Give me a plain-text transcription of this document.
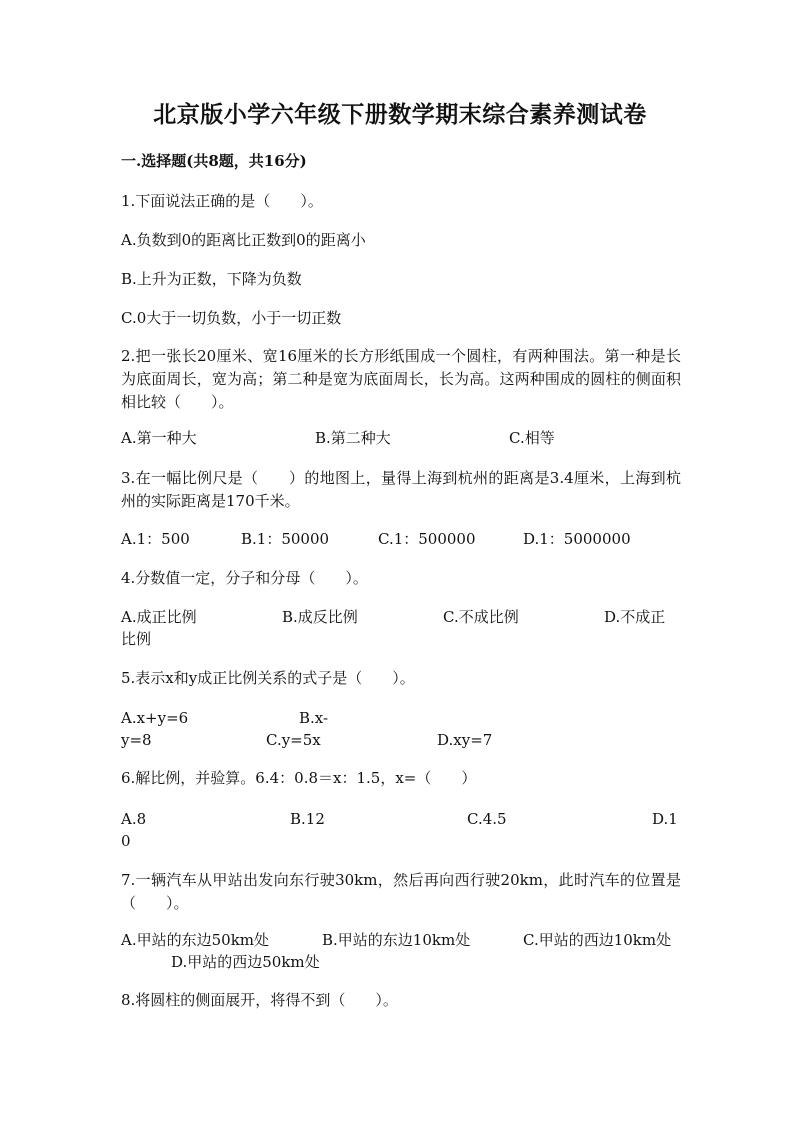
北京版小学六年级下册数学期末综合素养测试卷
一.选择题(共8题，共16分)
1.下面说法正确的是（　　）。
A.负数到0的距离比正数到0的距离小
B.上升为正数，下降为负数
C.0大于一切负数，小于一切正数
2.把一张长20厘米、宽16厘米的长方形纸围成一个圆柱，有两种围法。第一种是长为底面周长，宽为高；第二种是宽为底面周长，长为高。这两种围成的圆柱的侧面积相比较（　　）。
A.第一种大	B.第二种大	C.相等
3.在一幅比例尺是（　　）的地图上，量得上海到杭州的距离是3.4厘米，上海到杭州的实际距离是170千米。
A.1：500	B.1：50000	C.1：500000	D.1：5000000
4.分数值一定，分子和分母（　　）。
A.成正比例	B.成反比例	C.不成比例	D.不成正
比例
5.表示x和y成正比例关系的式子是（　　）。
A.x+y=6	B.x-
y=8	C.y=5x	D.xy=7
6.解比例，并验算。6.4：0.8＝x：1.5，x=（　　）
A.8	B.12	C.4.5	D.1
0
7.一辆汽车从甲站出发向东行驶30km，然后再向西行驶20km，此时汽车的位置是（　　）。
A.甲站的东边50km处	B.甲站的东边10km处	C.甲站的西边10km处
D.甲站的西边50km处
8.将圆柱的侧面展开，将得不到（　　）。
